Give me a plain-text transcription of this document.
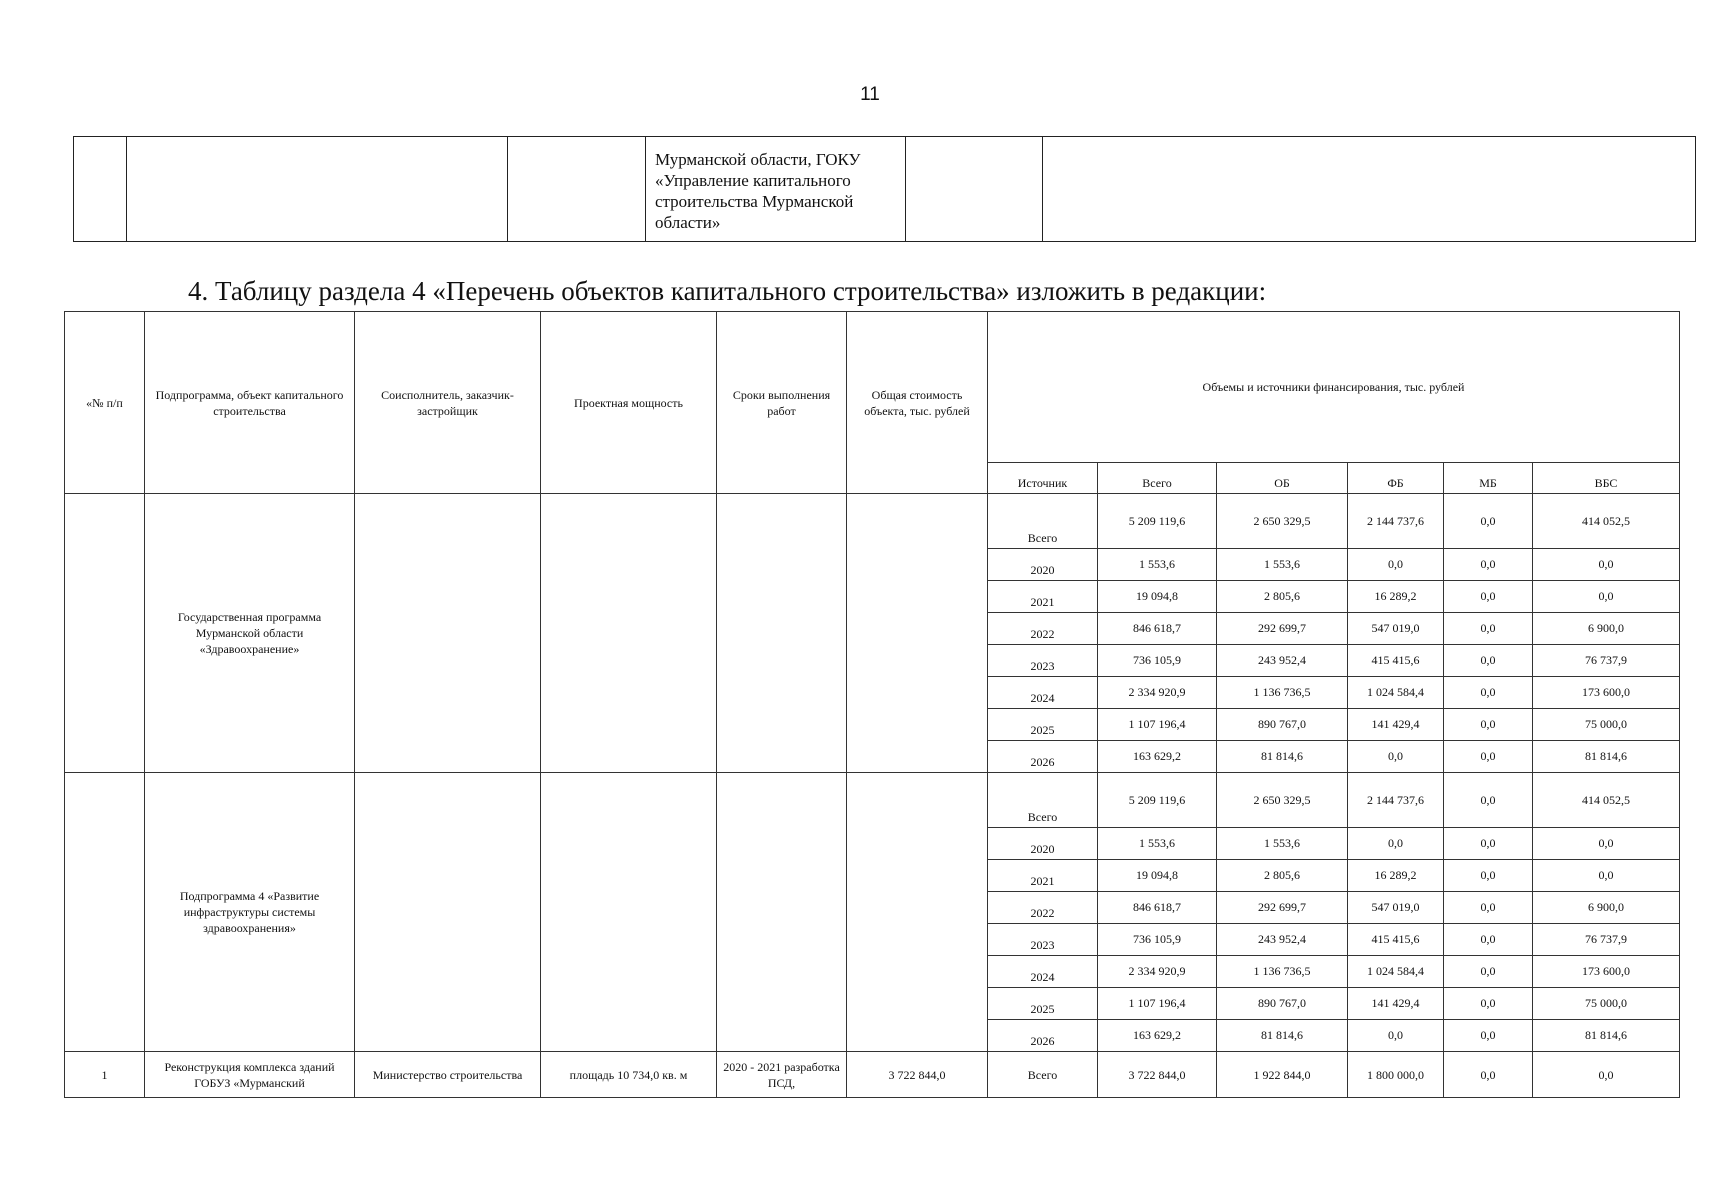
11

Мурманской области, ГОКУ «Управление капитального строительства Мурманской области»

4. Таблицу раздела 4 «Перечень объектов капитального строительства» изложить в редакции:
«№ п/п	Подпрограмма, объект капитального строительства	Соисполнитель, заказчик-застройщик	Проектная мощность	Сроки выполнения работ	Общая стоимость объекта, тыс. рублей	Объемы и источники финансирования, тыс. рублей					
						Источник	Всего	ОБ	ФБ	МБ	ВБС
	Государственная программа Мурманской области «Здравоохранение»					Всего	5 209 119,6	2 650 329,5	2 144 737,6	0,0	414 052,5
						2020	1 553,6	1 553,6	0,0	0,0	0,0
						2021	19 094,8	2 805,6	16 289,2	0,0	0,0
						2022	846 618,7	292 699,7	547 019,0	0,0	6 900,0
						2023	736 105,9	243 952,4	415 415,6	0,0	76 737,9
						2024	2 334 920,9	1 136 736,5	1 024 584,4	0,0	173 600,0
						2025	1 107 196,4	890 767,0	141 429,4	0,0	75 000,0
						2026	163 629,2	81 814,6	0,0	0,0	81 814,6
	Подпрограмма 4 «Развитие инфраструктуры системы здравоохранения»					Всего	5 209 119,6	2 650 329,5	2 144 737,6	0,0	414 052,5
						2020	1 553,6	1 553,6	0,0	0,0	0,0
						2021	19 094,8	2 805,6	16 289,2	0,0	0,0
						2022	846 618,7	292 699,7	547 019,0	0,0	6 900,0
						2023	736 105,9	243 952,4	415 415,6	0,0	76 737,9
						2024	2 334 920,9	1 136 736,5	1 024 584,4	0,0	173 600,0
						2025	1 107 196,4	890 767,0	141 429,4	0,0	75 000,0
						2026	163 629,2	81 814,6	0,0	0,0	81 814,6
1	Реконструкция комплекса зданий ГОБУЗ «Мурманский	Министерство строительства	площадь 10 734,0 кв. м	2020 - 2021 разработка ПСД,	3 722 844,0	Всего	3 722 844,0	1 922 844,0	1 800 000,0	0,0	0,0
